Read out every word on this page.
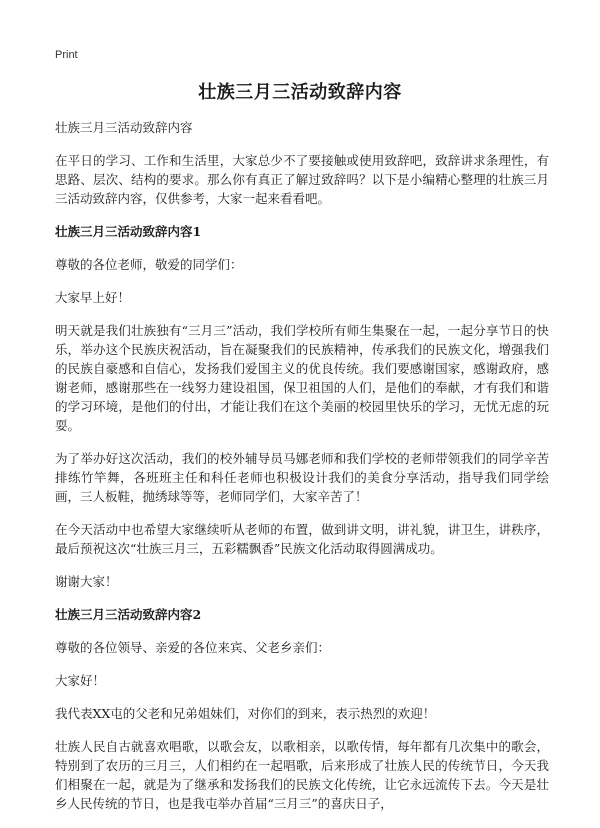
Print
壮族三月三活动致辞内容

壮族三月三活动致辞内容

在平日的学习、工作和生活里，大家总少不了要接触或使用致辞吧，致辞讲求条理性，有思路、层次、结构的要求。那么你有真正了解过致辞吗？以下是小编精心整理的壮族三月三活动致辞内容，仅供参考，大家一起来看看吧。

壮族三月三活动致辞内容1

尊敬的各位老师，敬爱的同学们：

大家早上好！

明天就是我们壮族独有“三月三”活动，我们学校所有师生集聚在一起，一起分享节日的快乐，举办这个民族庆祝活动，旨在凝聚我们的民族精神，传承我们的民族文化，增强我们的民族自豪感和自信心，发扬我们爱国主义的优良传统。我们要感谢国家，感谢政府，感谢老师，感谢那些在一线努力建设祖国，保卫祖国的人们，是他们的奉献，才有我们和谐的学习环境，是他们的付出，才能让我们在这个美丽的校园里快乐的学习，无忧无虑的玩耍。

为了举办好这次活动，我们的校外辅导员马娜老师和我们学校的老师带领我们的同学辛苦排练竹竿舞，各班班主任和科任老师也积极设计我们的美食分享活动，指导我们同学绘画，三人板鞋，抛绣球等等，老师同学们，大家辛苦了！

在今天活动中也希望大家继续听从老师的布置，做到讲文明，讲礼貌，讲卫生，讲秩序，最后预祝这次“壮族三月三，五彩糯飘香”民族文化活动取得圆满成功。

谢谢大家！

壮族三月三活动致辞内容2

尊敬的各位领导、亲爱的各位来宾、父老乡亲们：

大家好！

我代表XX屯的父老和兄弟姐妹们，对你们的到来，表示热烈的欢迎！

壮族人民自古就喜欢唱歌，以歌会友，以歌相亲，以歌传情，每年都有几次集中的歌会，特别到了农历的三月三，人们相约在一起唱歌，后来形成了壮族人民的传统节日，今天我们相聚在一起，就是为了继承和发扬我们的民族文化传统，让它永远流传下去。今天是壮乡人民传统的节日，也是我屯举办首届“三月三”的喜庆日子，
